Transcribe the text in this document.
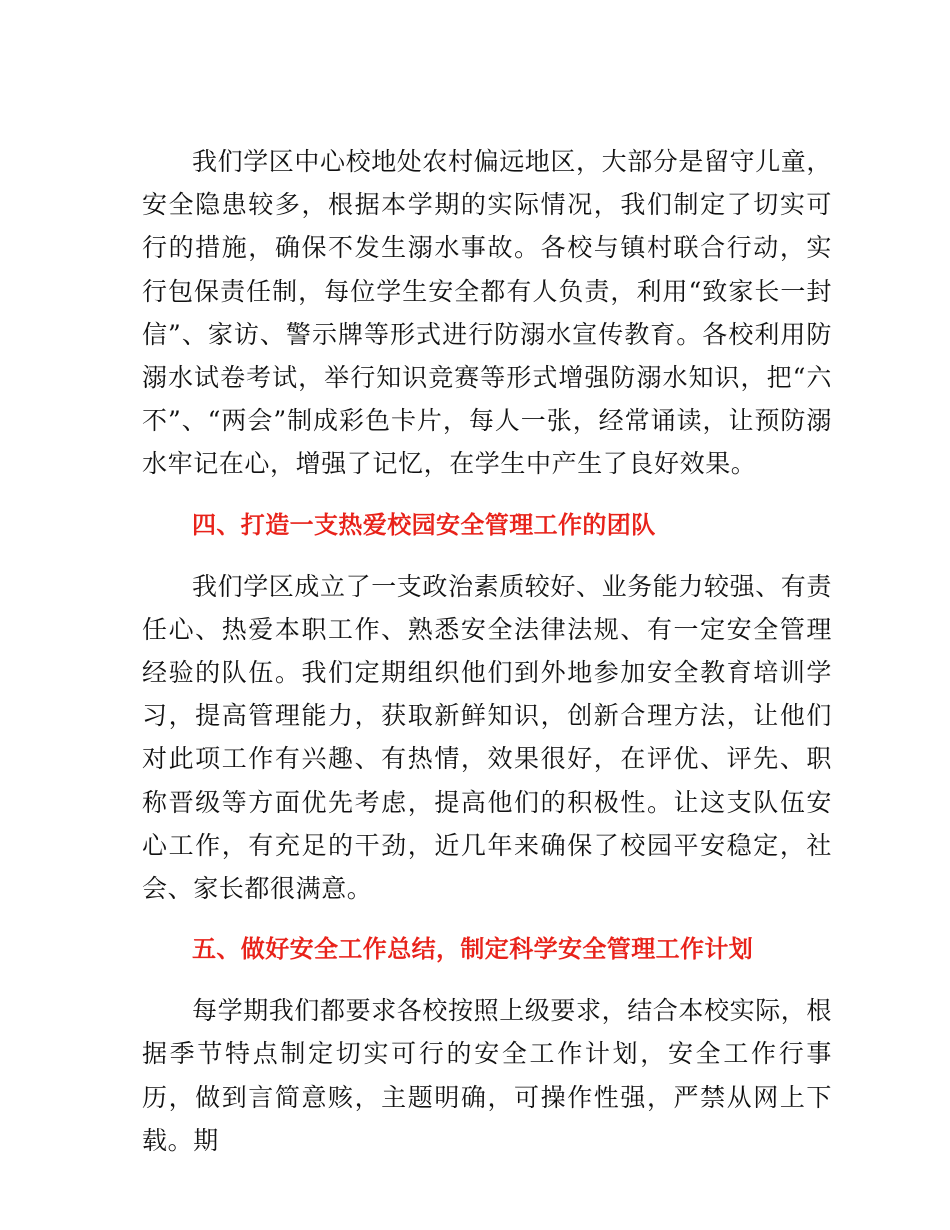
我们学区中心校地处农村偏远地区，大部分是留守儿童，安全隐患较多，根据本学期的实际情况，我们制定了切实可行的措施，确保不发生溺水事故。各校与镇村联合行动，实行包保责任制，每位学生安全都有人负责，利用“致家长一封信”、家访、警示牌等形式进行防溺水宣传教育。各校利用防溺水试卷考试，举行知识竞赛等形式增强防溺水知识，把“六不”、“两会”制成彩色卡片，每人一张，经常诵读，让预防溺水牢记在心，增强了记忆，在学生中产生了良好效果。

四、打造一支热爱校园安全管理工作的团队

我们学区成立了一支政治素质较好、业务能力较强、有责任心、热爱本职工作、熟悉安全法律法规、有一定安全管理经验的队伍。我们定期组织他们到外地参加安全教育培训学习，提高管理能力，获取新鲜知识，创新合理方法，让他们对此项工作有兴趣、有热情，效果很好，在评优、评先、职称晋级等方面优先考虑，提高他们的积极性。让这支队伍安心工作，有充足的干劲，近几年来确保了校园平安稳定，社会、家长都很满意。

五、做好安全工作总结，制定科学安全管理工作计划

每学期我们都要求各校按照上级要求，结合本校实际，根据季节特点制定切实可行的安全工作计划，安全工作行事历，做到言简意赅，主题明确，可操作性强，严禁从网上下载。期
